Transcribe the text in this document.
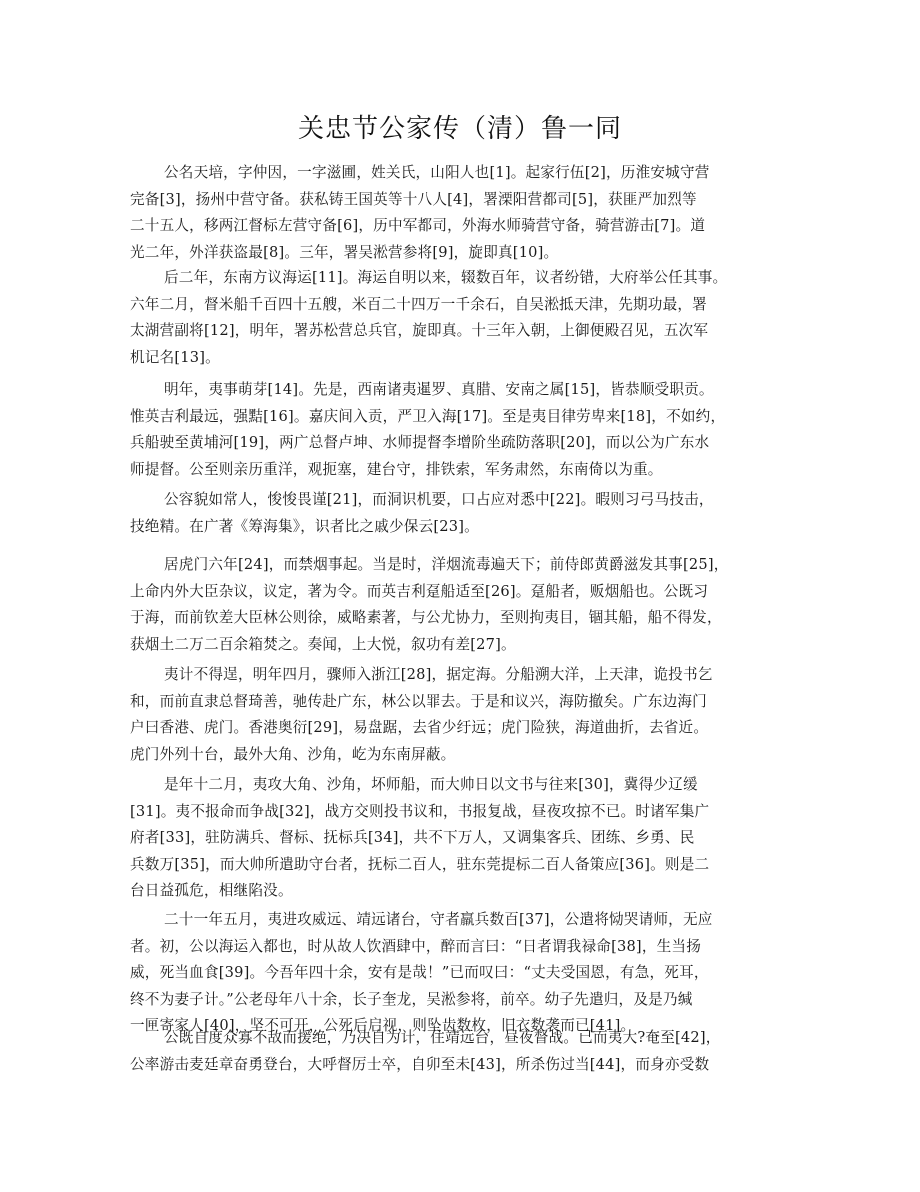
关忠节公家传（清）鲁一同
公名天培，字仲因，一字滋圃，姓关氏，山阳人也[1]。起家行伍[2]，历淮安城守营
完备[3]，扬州中营守备。获私铸王国英等十八人[4]，署溧阳营都司[5]，获匪严加烈等
二十五人，移两江督标左营守备[6]，历中军都司，外海水师骑营守备，骑营游击[7]。道
光二年，外洋获盗最[8]。三年，署吴淞营参将[9]，旋即真[10]。
后二年，东南方议海运[11]。海运自明以来，辍数百年，议者纷错，大府举公任其事。
六年二月，督米船千百四十五艘，米百二十四万一千余石，自吴淞抵天津，先期功最，署
太湖营副将[12]，明年，署苏松营总兵官，旋即真。十三年入朝，上御便殿召见，五次军
机记名[13]。
明年，夷事萌芽[14]。先是，西南诸夷暹罗、真腊、安南之属[15]，皆恭顺受职贡。
惟英吉利最远，强黠[16]。嘉庆间入贡，严卫入海[17]。至是夷目律劳卑来[18]，不如约，
兵船驶至黄埔河[19]，两广总督卢坤、水师提督李增阶坐疏防落职[20]，而以公为广东水
师提督。公至则亲历重洋，观扼塞，建台守，排铁索，军务肃然，东南倚以为重。
公容貌如常人，悛悛畏谨[21]，而洞识机要，口占应对悉中[22]。暇则习弓马技击，
技绝精。在广著《筹海集》，识者比之戚少保云[23]。
居虎门六年[24]，而禁烟事起。当是时，洋烟流毒遍天下；前侍郎黄爵滋发其事[25]，
上命内外大臣杂议，议定，著为令。而英吉利趸船适至[26]。趸船者，贩烟船也。公既习
于海，而前钦差大臣林公则徐，威略素著，与公尤协力，至则拘夷目，锢其船，船不得发，
获烟土二万二百余箱焚之。奏闻，上大悦，叙功有差[27]。
夷计不得逞，明年四月，骤师入浙江[28]，据定海。分船溯大洋，上天津，诡投书乞
和，而前直隶总督琦善，驰传赴广东，林公以罪去。于是和议兴，海防撤矣。广东边海门
户曰香港、虎门。香港奥衍[29]，易盘踞，去省少纡远；虎门险狭，海道曲折，去省近。
虎门外列十台，最外大角、沙角，屹为东南屏蔽。
是年十二月，夷攻大角、沙角，坏师船，而大帅日以文书与往来[30]，冀得少辽缓
[31]。夷不报命而争战[32]，战方交则投书议和，书报复战，昼夜攻掠不已。时诸军集广
府者[33]，驻防满兵、督标、抚标兵[34]，共不下万人，又调集客兵、团练、乡勇、民
兵数万[35]，而大帅所遣助守台者，抚标二百人，驻东莞提标二百人备策应[36]。则是二
台日益孤危，相继陷没。
二十一年五月，夷进攻威远、靖远诸台，守者羸兵数百[37]，公遣将恸哭请师，无应
者。初，公以海运入都也，时从故人饮酒肆中，醉而言曰：“日者谓我禄命[38]，生当扬
威，死当血食[39]。今吾年四十余，安有是哉！”已而叹曰：“丈夫受国恩，有急，死耳，
终不为妻子计。”公老母年八十余，长子奎龙，吴淞参将，前卒。幼子先遣归，及是乃缄
一匣寄家人[40]，坚不可开，公死后启视，则坠齿数枚，旧衣数袭而已[41]。
公既自度众寡不敌而援绝，乃决自为计，住靖远台，昼夜督战。已而夷大?奄至[42]，
公率游击麦廷章奋勇登台，大呼督厉士卒，自卯至未[43]，所杀伤过当[44]，而身亦受数
